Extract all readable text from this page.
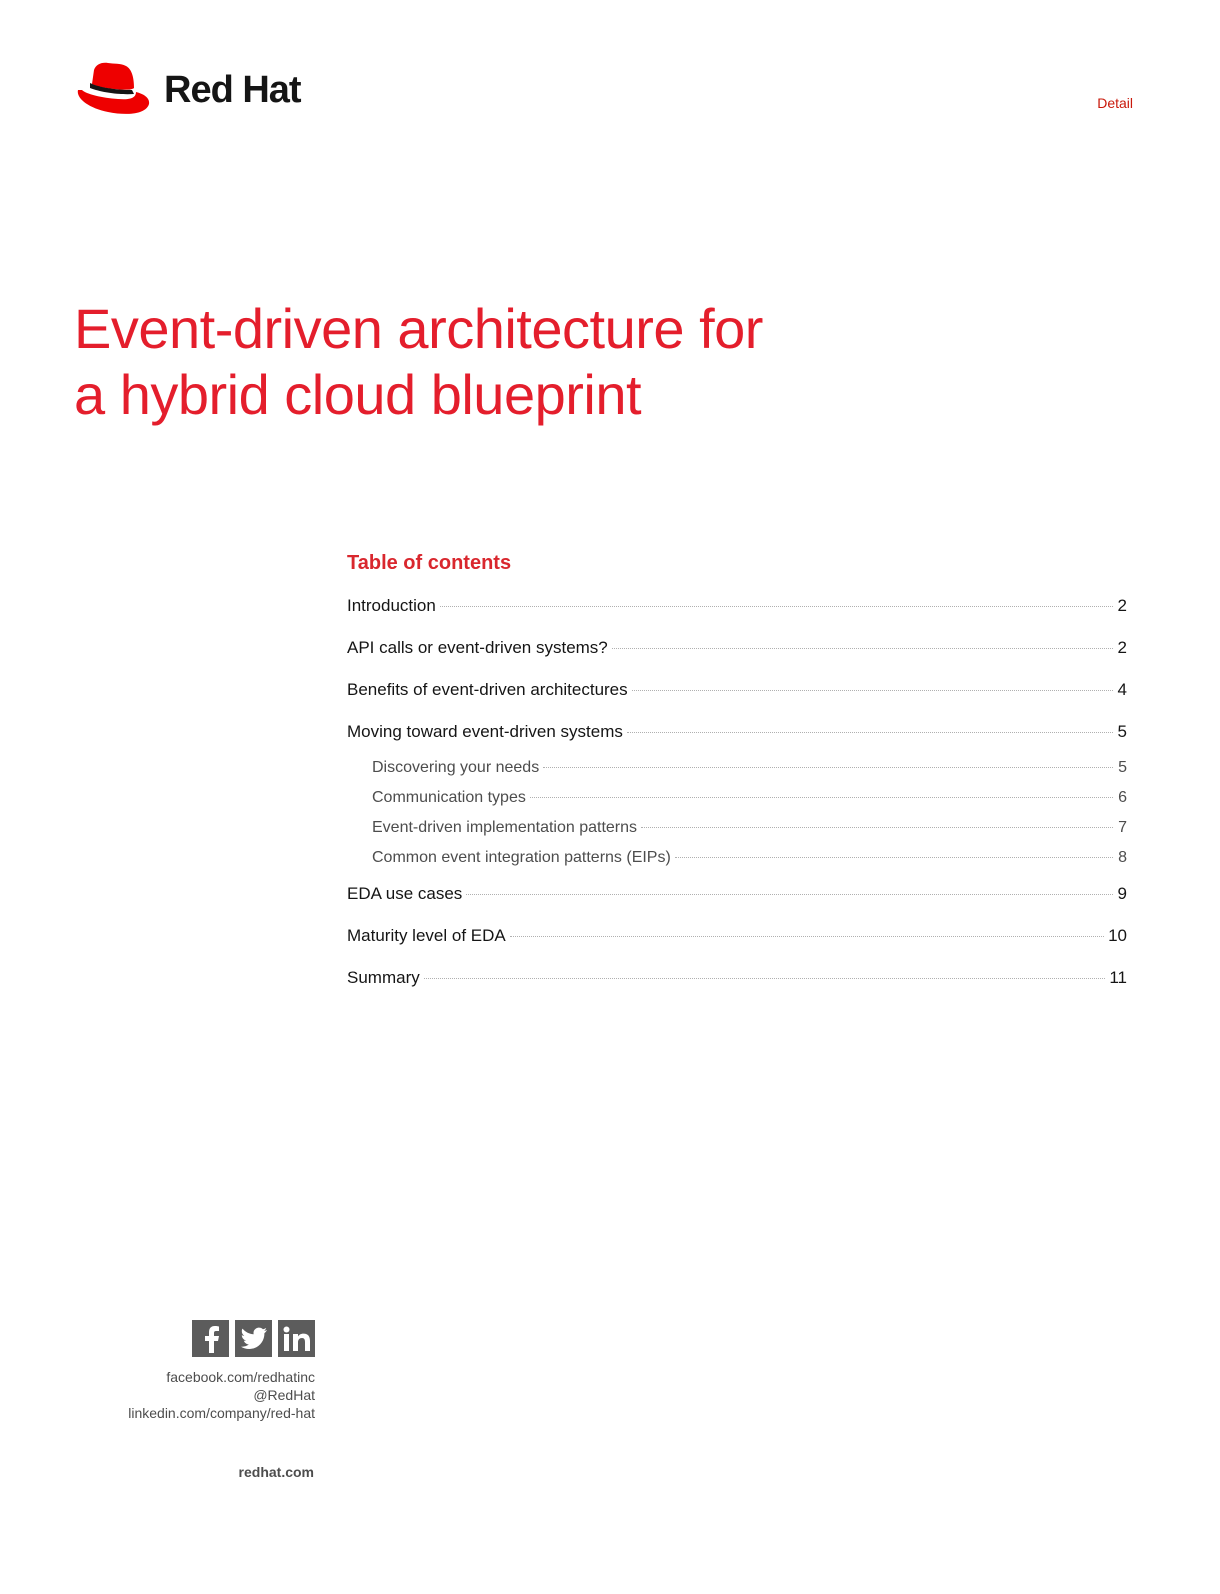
Red Hat	Detail
Event-driven architecture for
a hybrid cloud blueprint
Table of contents
Introduction	2
API calls or event-driven systems?	2
Benefits of event-driven architectures	4
Moving toward event-driven systems	5
Discovering your needs	5
Communication types	6
Event-driven implementation patterns	7
Common event integration patterns (EIPs)	8
EDA use cases	9
Maturity level of EDA	10
Summary	11
facebook.com/redhatinc
@RedHat
linkedin.com/company/red-hat
redhat.com
